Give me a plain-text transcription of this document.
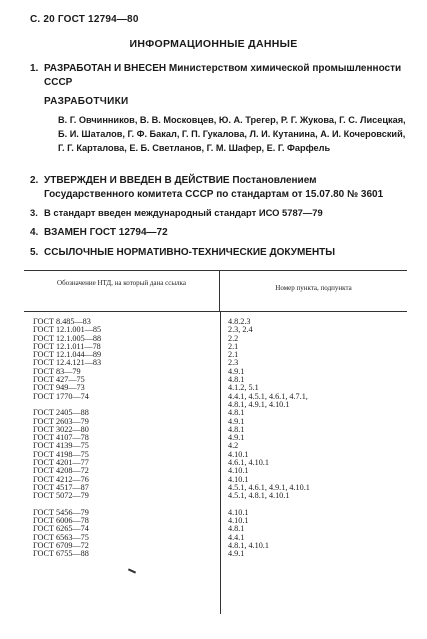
С. 20 ГОСТ 12794—80
ИНФОРМАЦИОННЫЕ ДАННЫЕ
1. РАЗРАБОТАН И ВНЕСЕН Министерством химической промышленности СССР
РАЗРАБОТЧИКИ
В. Г. Овчинников, В. В. Московцев, Ю. А. Трегер, Р. Г. Жукова, Г. С. Лисецкая, Б. И. Шаталов, Г. Ф. Бакал, Г. П. Гукалова, Л. И. Кутанина, А. И. Кочеровский, Г. Г. Карталова, Е. Б. Светланов, Г. М. Шафер, Е. Г. Фарфель
2. УТВЕРЖДЕН И ВВЕДЕН В ДЕЙСТВИЕ Постановлением Государственного комитета СССР по стандартам от 15.07.80 № 3601
3. В стандарт введен международный стандарт ИСО 5787—79
4. ВЗАМЕН ГОСТ 12794—72
5. ССЫЛОЧНЫЕ НОРМАТИВНО-ТЕХНИЧЕСКИЕ ДОКУМЕНТЫ
Обозначение НТД, на который дана ссылка
Номер пункта, подпункта
ГОСТ 8.485—83
ГОСТ 12.1.001—85
ГОСТ 12.1.005—88
ГОСТ 12.1.011—78
ГОСТ 12.1.044—89
ГОСТ 12.4.121—83
ГОСТ 83—79
ГОСТ 427—75
ГОСТ 949—73
ГОСТ 1770—74
ГОСТ 2405—88
ГОСТ 2603—79
ГОСТ 3022—80
ГОСТ 4107—78
ГОСТ 4139—75
ГОСТ 4198—75
ГОСТ 4201—77
ГОСТ 4208—72
ГОСТ 4212—76
ГОСТ 4517—87
ГОСТ 5072—79
ГОСТ 5456—79
ГОСТ 6006—78
ГОСТ 6265—74
ГОСТ 6563—75
ГОСТ 6709—72
ГОСТ 6755—88
4.8.2.3
2.3, 2.4
2.2
2.1
2.1
2.3
4.9.1
4.8.1
4.1.2, 5.1
4.4.1, 4.5.1, 4.6.1, 4.7.1,
4.8.1, 4.9.1, 4.10.1
4.8.1
4.9.1
4.8.1
4.9.1
4.2
4.10.1
4.6.1, 4.10.1
4.10.1
4.10.1
4.5.1, 4.6.1, 4.9.1, 4.10.1
4.5.1, 4.8.1, 4.10.1
4.10.1
4.10.1
4.8.1
4.4.1
4.8.1, 4.10.1
4.9.1
